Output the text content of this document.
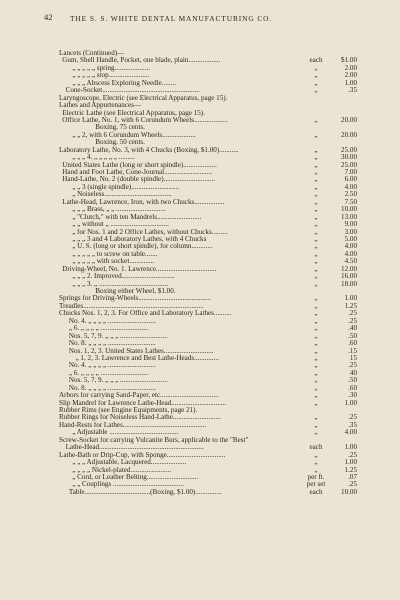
42 THE S. S. WHITE DENTAL MANUFACTURING CO.
Lancets (Continued)—
Gum, Shell Handle, Pocket, one blade, plain..................	each	$1.00
„ „ „ „ „ spring....................	„	2.00
„ „ „ „ „ stop.......................	„	2.00
„ „ „ Abscess Exploring Needle........	„	1.00
Cone-Socket.......................................................	„	.35
Laryngoscope, Electric (see Electrical Apparatus, page 15).
Lathes and Appurtenances—
Electric Lathe (see Electrical Apparatus, page 15).
Office Lathe, No. 1, with 6 Corundum Wheels...................	„	20.00
Boxing, 75 cents.
„ „ 2, with 6 Corundum Wheels...................	„	20.00
Boxing, 50 cents.
Laboratory Lathe, No. 3, with 4 Chucks (Boxing, $1.00)...........	„	25.00
„ „ „ 4. „ „ „ „ „ .........	„	30.00
United States Lathe (long or short spindle)...................	„	25.00
Hand and Foot Lathe, Cone-Journal...........................	„	7.00
Hand-Lathe, No. 2 (double spindle).............................	„	6.00
„ „ 3 (single spindle)...........................	„	4.00
„ Noiseless......................................	„	2.50
Lathe-Head, Lawrence, Iron, with two Chucks.................	„	7.50
„ „ „ Brass, „ „ ............................	„	10.00
„ "Clutch," with ten Mandrels.........................	„	13.00
„ „ without „ .................................	„	9.00
„ for Nos. 1 and 2 Office Lathes, without Chucks.........	„	3.00
„ „ „ 3 and 4 Laboratory Lathes, with 4 Chucks	„	5.00
„ U. S. (long or short spindle), for column............	„	4.00
„ „ „ „ „ to screw on table.......	„	4.00
„ „ „ „ „ with socket..............	„	4.50
Driving-Wheel, No. 1. Lawrence..................................	„	12.00
„ „ „ 2. Improved..............................	„	16.00
„ „ „ 3. „ .......................................	„	18.00
Boxing either Wheel, $1.00.
Springs for Driving-Wheels.........................................	„	1.00
Treadles....................................................................	„	1.25
Chucks Nos. 1, 2, 3. For Office and Laboratory Lathes..........	„	.25
No. 4. „ „ „ „ ...........................	„	.25
„ 6. „ „ „ „ ...........................	„	.40
Nos. 5, 7, 9. „ „ „ ...........................	„	.50
No. 8. „ „ „ „ ...........................	„	.60
Nos. 1, 2, 3. United States Lathes............................	„	.15
„ 1, 2, 3. Lawrence and Best Lathe-Heads..............	„	15
No. 4. „ „ „ „ ...........................	„	.25
„ 6. „ „ „ „ ...........................	„	40
Nos. 5, 7, 9. „ „ „ ...........................	„	.50
No. 8. „ „ „ „ ...........................	„	.60
Arbors for carrying Sand-Paper, etc.................................	„	.30
Slip Mandrel for Lawrence Lathe-Head...............................	„	1.00
Rubber Rims (see Engine Equipments, page 21).
Rubber Rings for Noiseless Hand-Lathe...........................	„	.25
Hand-Rests for Lathes...............................................	„	.35
„ Adjustable .......................................	„	4.00
Screw-Socket for carrying Vulcanite Burs, applicable to the "Best"
Lathe-Head...........................................................	each	1.00
Lathe-Bath or Drip-Cup, with Sponge.................................	„	.25
„ „ „ Adjustable, Lacquered....................	„	1.00
„ „ „ „ Nickel-plated.......................	„	1.25
„ Cord, or Leather Belting.............................	per ft.	.07
„ „ Couplings ........................................	per set	.25
Table.....................................(Boxing, $1.00)...............	each	10.00
